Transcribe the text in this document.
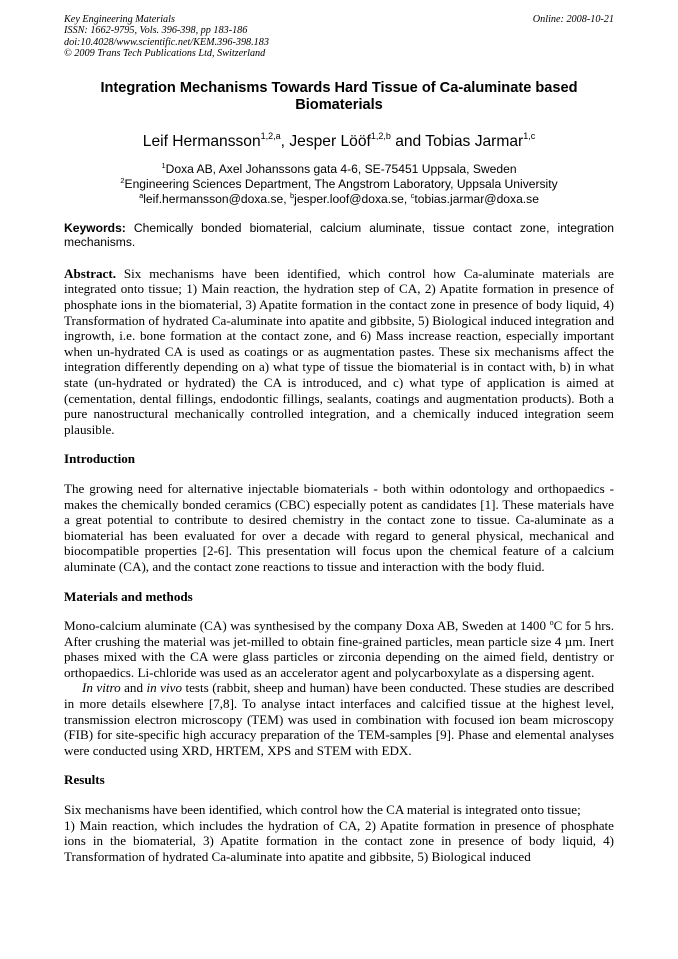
Key Engineering Materials
ISSN: 1662-9795, Vols. 396-398, pp 183-186
doi:10.4028/www.scientific.net/KEM.396-398.183
© 2009 Trans Tech Publications Ltd, Switzerland
Online: 2008-10-21
Integration Mechanisms Towards Hard Tissue of Ca-aluminate based Biomaterials
Leif Hermansson$^{1,2,a}$, Jesper Lööf$^{1,2,b}$ and Tobias Jarmar$^{1,c}$
$^1$Doxa AB, Axel Johanssons gata 4-6, SE-75451 Uppsala, Sweden
$^2$Engineering Sciences Department, The Angstrom Laboratory, Uppsala University
$^a$leif.hermansson@doxa.se, $^b$jesper.loof@doxa.se, $^c$tobias.jarmar@doxa.se
Keywords: Chemically bonded biomaterial, calcium aluminate, tissue contact zone, integration mechanisms.
Abstract. Six mechanisms have been identified, which control how Ca-aluminate materials are integrated onto tissue; 1) Main reaction, the hydration step of CA, 2) Apatite formation in presence of phosphate ions in the biomaterial, 3) Apatite formation in the contact zone in presence of body liquid, 4) Transformation of hydrated Ca-aluminate into apatite and gibbsite, 5) Biological induced integration and ingrowth, i.e. bone formation at the contact zone, and 6) Mass increase reaction, especially important when un-hydrated CA is used as coatings or as augmentation pastes. These six mechanisms affect the integration differently depending on a) what type of tissue the biomaterial is in contact with, b) in what state (un-hydrated or hydrated) the CA is introduced, and c) what type of application is aimed at (cementation, dental fillings, endodontic fillings, sealants, coatings and augmentation products). Both a pure nanostructural mechanically controlled integration, and a chemically induced integration seem plausible.
Introduction
The growing need for alternative injectable biomaterials - both within odontology and orthopaedics - makes the chemically bonded ceramics (CBC) especially potent as candidates [1]. These materials have a great potential to contribute to desired chemistry in the contact zone to tissue. Ca-aluminate as a biomaterial has been evaluated for over a decade with regard to general physical, mechanical and biocompatible properties [2-6]. This presentation will focus upon the chemical feature of a calcium aluminate (CA), and the contact zone reactions to tissue and interaction with the body fluid.
Materials and methods
Mono-calcium aluminate (CA) was synthesised by the company Doxa AB, Sweden at 1400 $^o$C for 5 hrs. After crushing the material was jet-milled to obtain fine-grained particles, mean particle size 4 µm. Inert phases mixed with the CA were glass particles or zirconia depending on the aimed field, dentistry or orthopaedics. Li-chloride was used as an accelerator agent and polycarboxylate as a dispersing agent.
In vitro and in vivo tests (rabbit, sheep and human) have been conducted. These studies are described in more details elsewhere [7,8]. To analyse intact interfaces and calcified tissue at the highest level, transmission electron microscopy (TEM) was used in combination with focused ion beam microscopy (FIB) for site-specific high accuracy preparation of the TEM-samples [9]. Phase and elemental analyses were conducted using XRD, HRTEM, XPS and STEM with EDX.
Results
Six mechanisms have been identified, which control how the CA material is integrated onto tissue;
1) Main reaction, which includes the hydration of CA, 2) Apatite formation in presence of phosphate ions in the biomaterial, 3) Apatite formation in the contact zone in presence of body liquid, 4) Transformation of hydrated Ca-aluminate into apatite and gibbsite, 5) Biological induced
